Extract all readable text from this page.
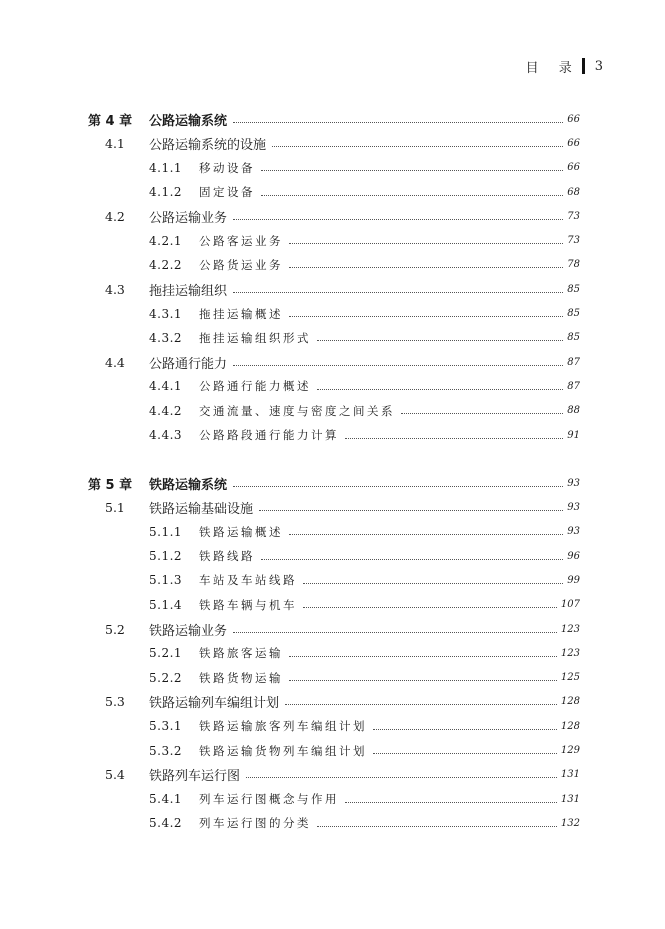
目 录 3
第 4 章	公路运输系统	66
4.1	公路运输系统的设施	66
4.1.1	移动设备	66
4.1.2	固定设备	68
4.2	公路运输业务	73
4.2.1	公路客运业务	73
4.2.2	公路货运业务	78
4.3	拖挂运输组织	85
4.3.1	拖挂运输概述	85
4.3.2	拖挂运输组织形式	85
4.4	公路通行能力	87
4.4.1	公路通行能力概述	87
4.4.2	交通流量、速度与密度之间关系	88
4.4.3	公路路段通行能力计算	91
第 5 章	铁路运输系统	93
5.1	铁路运输基础设施	93
5.1.1	铁路运输概述	93
5.1.2	铁路线路	96
5.1.3	车站及车站线路	99
5.1.4	铁路车辆与机车	107
5.2	铁路运输业务	123
5.2.1	铁路旅客运输	123
5.2.2	铁路货物运输	125
5.3	铁路运输列车编组计划	128
5.3.1	铁路运输旅客列车编组计划	128
5.3.2	铁路运输货物列车编组计划	129
5.4	铁路列车运行图	131
5.4.1	列车运行图概念与作用	131
5.4.2	列车运行图的分类	132
